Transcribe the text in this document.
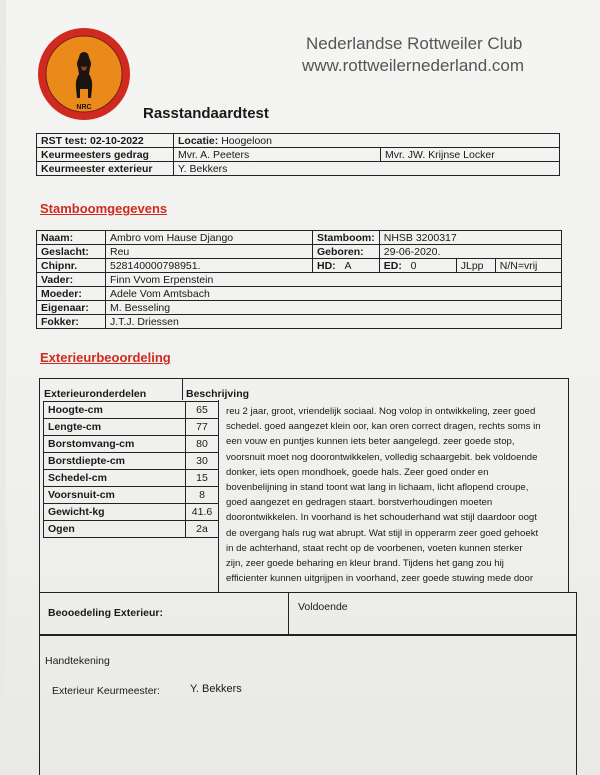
NRC
Nederlandse Rottweiler Club
www.rottweilernederland.com
Rasstandaardtest
RST test: 02-10-2022	Locatie: Hoogeloon	
Keurmeesters gedrag	Mvr. A. Peeters	Mvr. JW. Krijnse Locker
Keurmeester exterieur	Y. Bekkers	
Stamboomgegevens
Naam:	Ambro vom Hause Django	Stamboom:	NHSB 3200317		
Geslacht:	Reu	Geboren:	29-06-2020.		
Chipnr.	528140000798951.	HD: A	ED: 0	JLpp	N/N=vrij
Vader:	Finn Vvom Erpenstein				
Moeder:	Adele Vom Amtsbach				
Eigenaar:	M. Besseling				
Fokker:	J.T.J. Driessen				
Exterieurbeoordeling
Exterieuronderdelen	Beschrijving
Hoogte-cm	65
Lengte-cm	77
Borstomvang-cm	80
Borstdiepte-cm	30
Schedel-cm	15
Voorsnuit-cm	8
Gewicht-kg	41.6
Ogen	2a
reu 2 jaar, groot, vriendelijk sociaal. Nog volop in ontwikkeling, zeer goed schedel. goed aangezet klein oor, kan oren correct dragen, rechts soms in een vouw en puntjes kunnen iets beter aangelegd. zeer goede stop, voorsnuit moet nog doorontwikkelen, volledig schaargebit. bek voldoende donker, iets open mondhoek, goede hals. Zeer goed onder en bovenbelijning in stand toont wat lang in lichaam, licht aflopend croupe, goed aangezet en gedragen staart. borstverhoudingen moeten doorontwikkelen. In voorhand is het schouderhand wat stijl daardoor oogt de overgang hals rug wat abrupt. Wat stijl in opperarm zeer goed gehoekt in de achterhand, staat recht op de voorbenen, voeten kunnen sterker zijn, zeer goede beharing en kleur brand. Tijdens het gang zou hij efficienter kunnen uitgrijpen in voorhand, zeer goede stuwing mede door
Beooedeling Exterieur:	Voldoende
Handtekening
Exterieur Keurmeester:	Y. Bekkers
